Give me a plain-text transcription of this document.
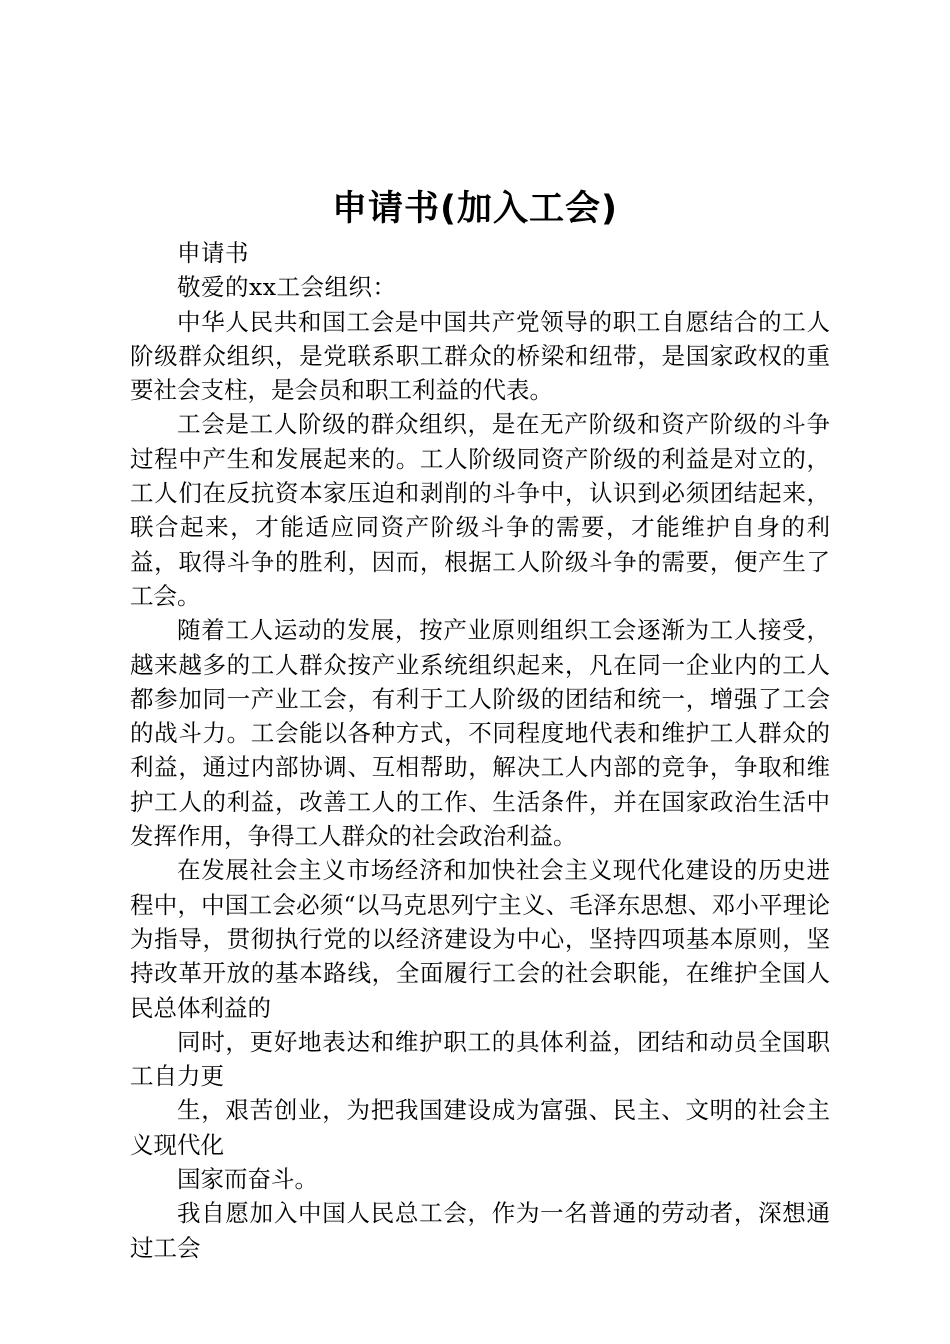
申请书(加入工会)

申请书

敬爱的xx工会组织：

中华人民共和国工会是中国共产党领导的职工自愿结合的工人阶级群众组织，是党联系职工群众的桥梁和纽带，是国家政权的重要社会支柱，是会员和职工利益的代表。

工会是工人阶级的群众组织，是在无产阶级和资产阶级的斗争过程中产生和发展起来的。工人阶级同资产阶级的利益是对立的，工人们在反抗资本家压迫和剥削的斗争中，认识到必须团结起来，联合起来，才能适应同资产阶级斗争的需要，才能维护自身的利益，取得斗争的胜利，因而，根据工人阶级斗争的需要，便产生了工会。

随着工人运动的发展，按产业原则组织工会逐渐为工人接受，越来越多的工人群众按产业系统组织起来，凡在同一企业内的工人都参加同一产业工会，有利于工人阶级的团结和统一，增强了工会的战斗力。工会能以各种方式，不同程度地代表和维护工人群众的利益，通过内部协调、互相帮助，解决工人内部的竞争，争取和维护工人的利益，改善工人的工作、生活条件，并在国家政治生活中发挥作用，争得工人群众的社会政治利益。

在发展社会主义市场经济和加快社会主义现代化建设的历史进程中，中国工会必须“以马克思列宁主义、毛泽东思想、邓小平理论为指导，贯彻执行党的以经济建设为中心，坚持四项基本原则，坚持改革开放的基本路线，全面履行工会的社会职能，在维护全国人民总体利益的

同时，更好地表达和维护职工的具体利益，团结和动员全国职工自力更

生，艰苦创业，为把我国建设成为富强、民主、文明的社会主义现代化

国家而奋斗。

我自愿加入中国人民总工会，作为一名普通的劳动者，深想通过工会
